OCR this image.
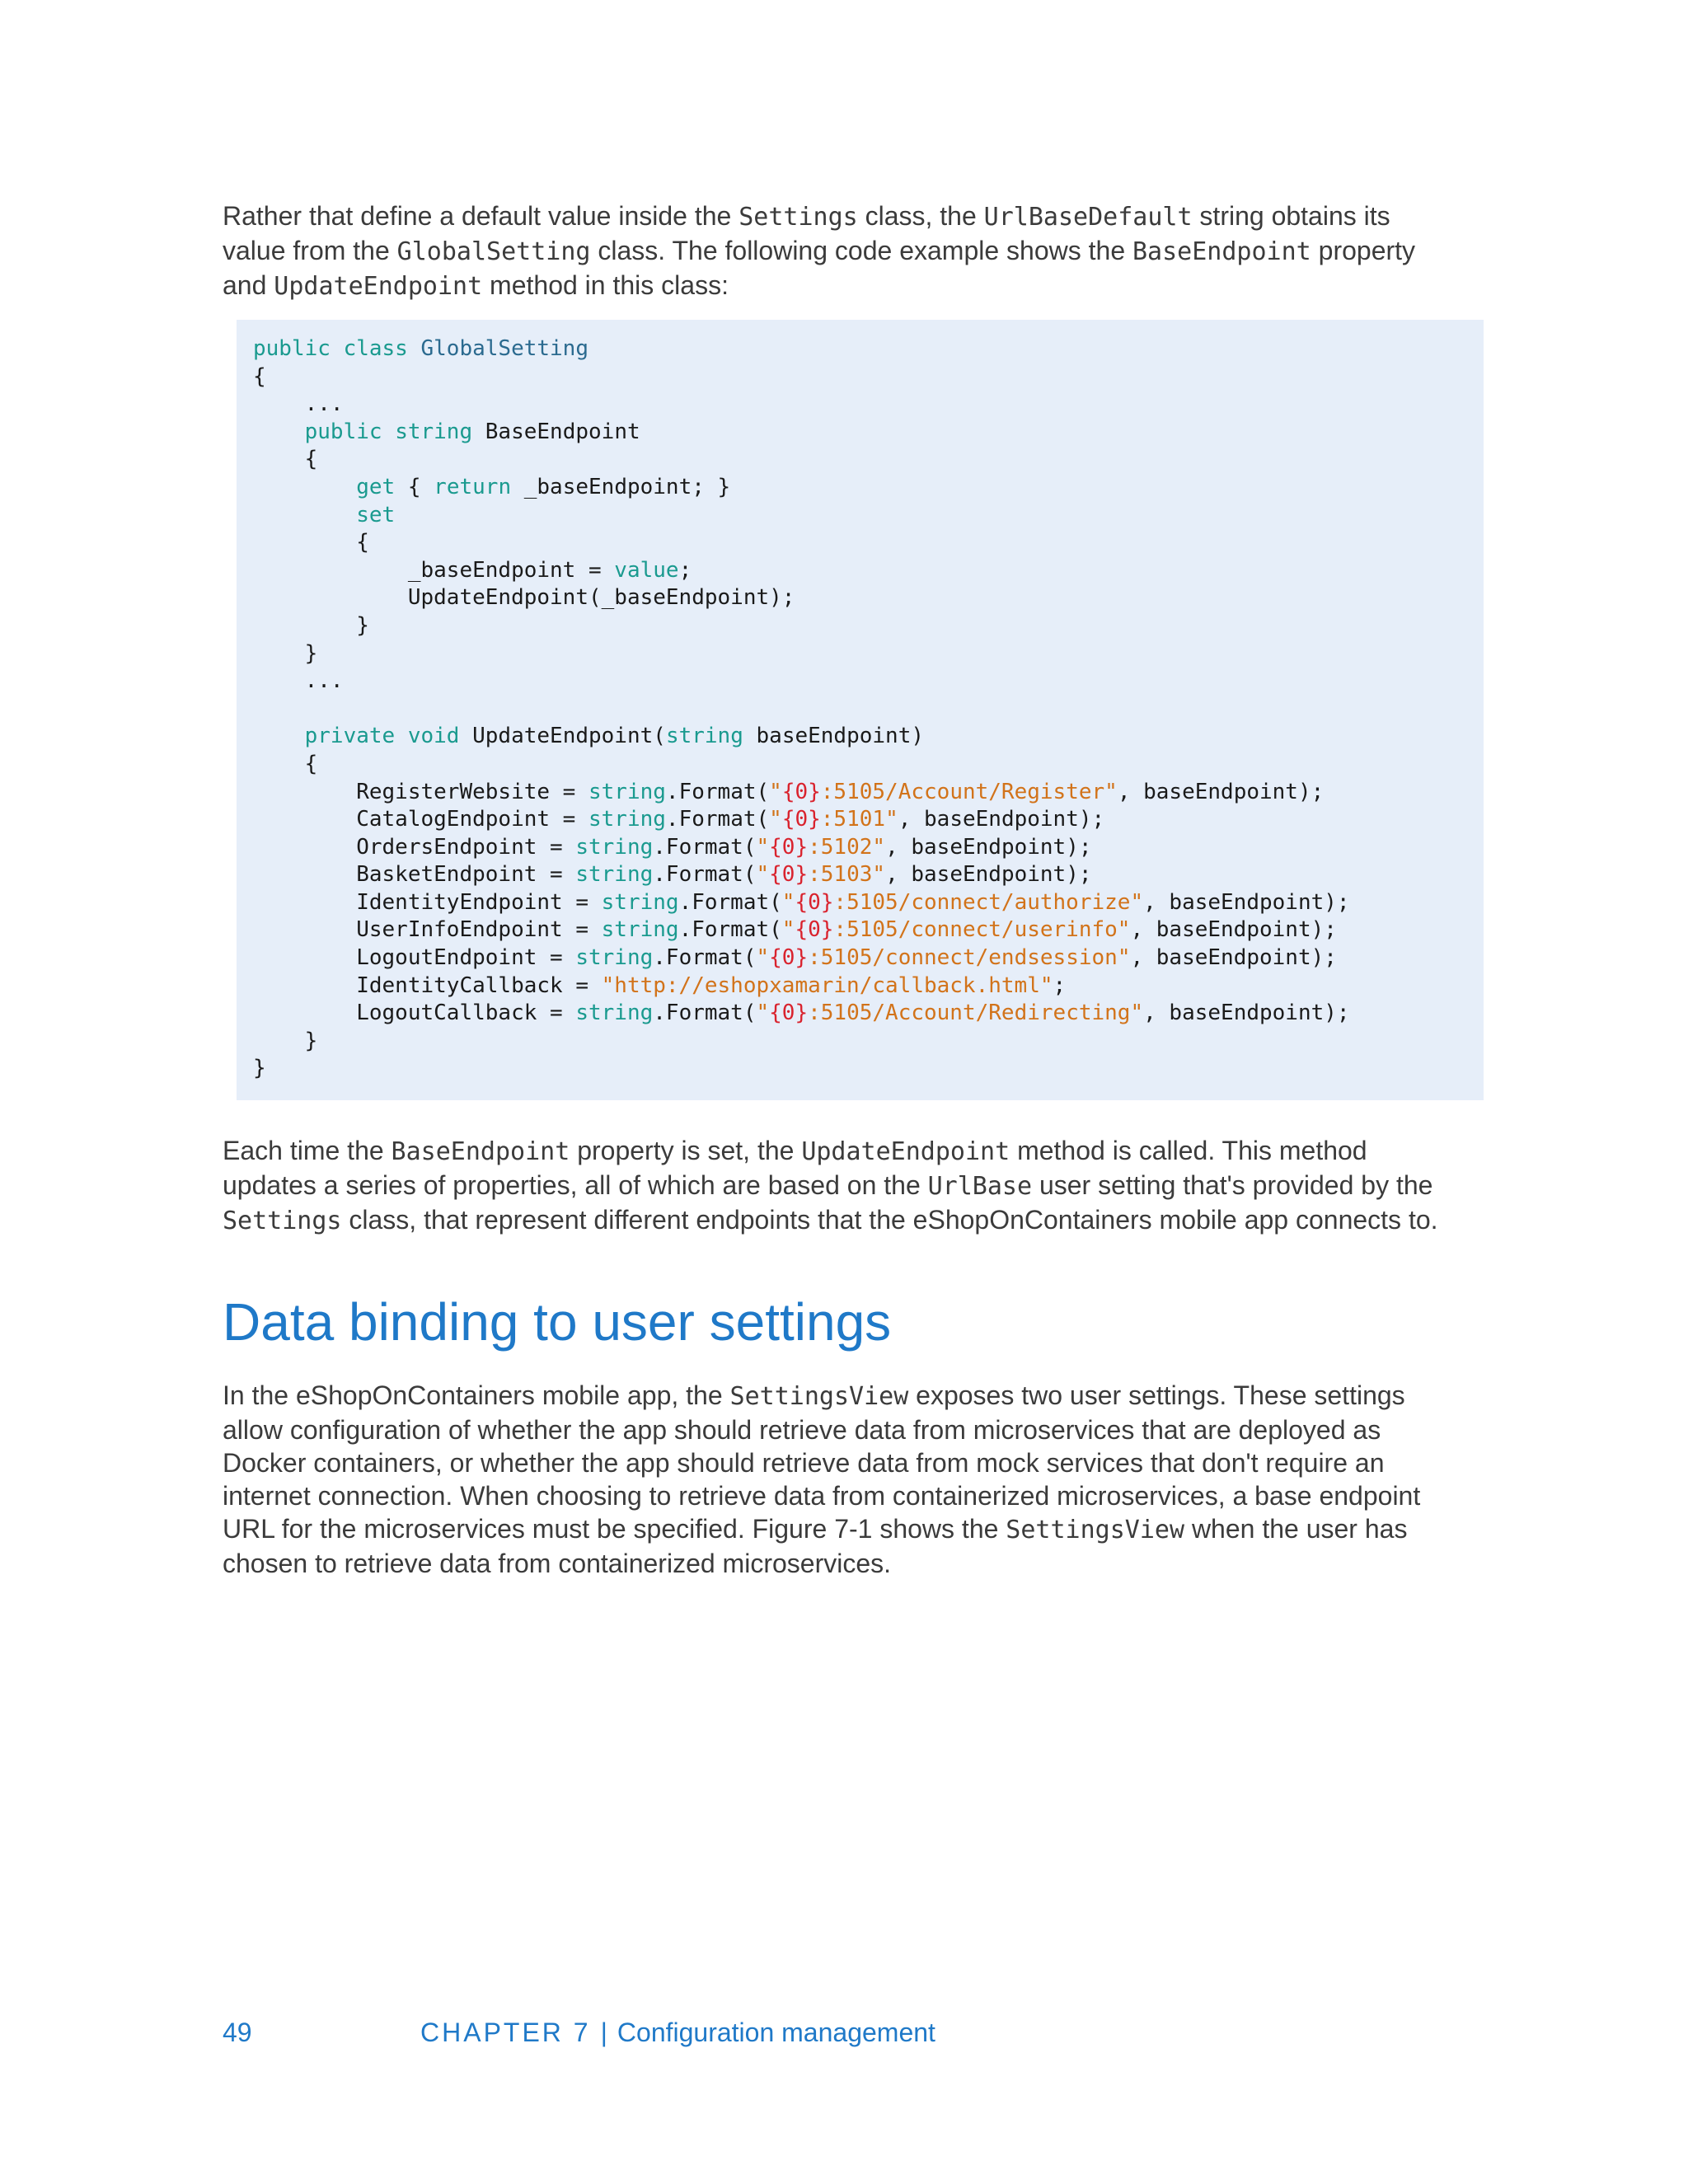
Rather that define a default value inside the Settings class, the UrlBaseDefault string obtains its value from the GlobalSetting class. The following code example shows the BaseEndpoint property and UpdateEndpoint method in this class:

public class GlobalSetting
{
...
public string BaseEndpoint
{
get { return _baseEndpoint; }
set
{
_baseEndpoint = value;
UpdateEndpoint(_baseEndpoint);
}
}
...

private void UpdateEndpoint(string baseEndpoint)
{
RegisterWebsite = string.Format("{0}:5105/Account/Register", baseEndpoint);
CatalogEndpoint = string.Format("{0}:5101", baseEndpoint);
OrdersEndpoint = string.Format("{0}:5102", baseEndpoint);
BasketEndpoint = string.Format("{0}:5103", baseEndpoint);
IdentityEndpoint = string.Format("{0}:5105/connect/authorize", baseEndpoint);
UserInfoEndpoint = string.Format("{0}:5105/connect/userinfo", baseEndpoint);
LogoutEndpoint = string.Format("{0}:5105/connect/endsession", baseEndpoint);
IdentityCallback = "http://eshopxamarin/callback.html";
LogoutCallback = string.Format("{0}:5105/Account/Redirecting", baseEndpoint);
}
}

Each time the BaseEndpoint property is set, the UpdateEndpoint method is called. This method updates a series of properties, all of which are based on the UrlBase user setting that's provided by the Settings class, that represent different endpoints that the eShopOnContainers mobile app connects to.

Data binding to user settings

In the eShopOnContainers mobile app, the SettingsView exposes two user settings. These settings allow configuration of whether the app should retrieve data from microservices that are deployed as Docker containers, or whether the app should retrieve data from mock services that don't require an internet connection. When choosing to retrieve data from containerized microservices, a base endpoint URL for the microservices must be specified. Figure 7-1 shows the SettingsView when the user has chosen to retrieve data from containerized microservices.

49	CHAPTER 7 | Configuration management
